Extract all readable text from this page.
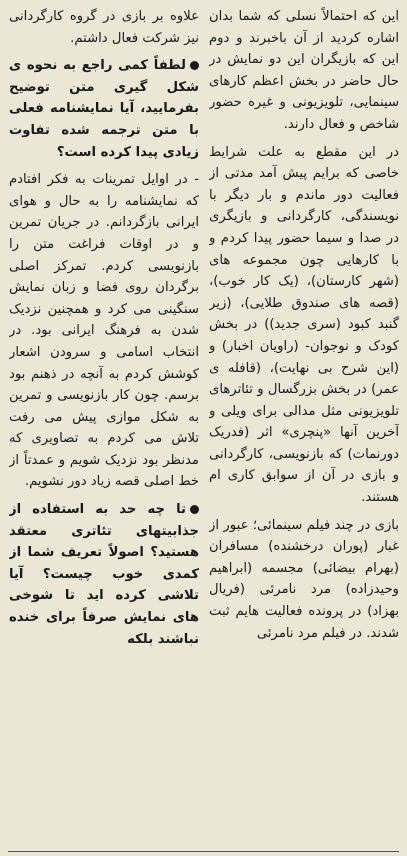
این که احتمالاً نسلی که شما بدان اشاره کردید از آن باخبرند و دوم این که بازیگران این دو نمایش در حال حاضر در بخش اعظم کارهای سینمایی، تلویزیونی و غیره حضور شاخص و فعال دارند.

در این مقطع به علت شرایط خاصی که برایم پیش آمد مدتی از فعالیت دور ماندم و بار دیگر با نویسندگی، کارگردانی و بازیگری در صدا و سیما حضور پیدا کردم و با کارهایی چون مجموعه های (شهر کارستان)، (یک کار خوب)، (قصه های صندوق طلایی)، (زیر گنبد کبود (سری جدید)) در بخش کودک و نوجوان- (راویان اخبار) و (این شرح بی نهایت)، (قافله ی عمر) در بخش بزرگسال و تئاترهای تلویزیونی مثل مدالی برای ویلی و آخرین آنها «پنچری» اثر (فدریک دورنمات) که بازنویسی، کارگردانی و بازی در آن از سوابق کاری ام هستند.

بازی در چند فیلم سینمائی؛ عبور از غبار (پوران درخشنده) مسافران (بهرام بیضائی) مجسمه (ابراهیم وحیدزاده) مرد نامرئی (فریال بهزاد) در پرونده فعالیت هایم ثبت شدند. در فیلم مرد نامرئی

علاوه بر بازی در گروه کارگردانی نیز شرکت فعال داشتم.

لطفاً کمی راجع به نحوه ی شکل گیری متن توضیح بفرمایید، آیا نمایشنامه فعلی با متن ترجمه شده تفاوت زیادی پیدا کرده است؟

- در اوایل تمرینات به فکر افتادم که نمایشنامه را به حال و هوای ایرانی بازگردانم. در جریان تمرین و در اوقات فراغت متن را بازنویسی کردم. تمرکز اصلی برگردان روی فضا و زبان نمایش سنگینی می کرد و همچنین نزدیک شدن به فرهنگ ایرانی بود. در انتخاب اسامی و سرودن اشعار کوشش کردم به آنچه در ذهنم بود برسم. چون کار بازنویسی و تمرین به شکل موازی پیش می رفت تلاش می کردم به تصاویری که مدنظر بود نزدیک شویم و عمدتاً از خط اصلی قصه زیاد دور نشویم.

تا چه حد به استفاده از جذابیتهای تئاتری معتقد هستید؟ اصولاً تعریف شما از کمدی خوب چیست؟ آیا تلاشی کرده اید تا شوخی های نمایش صرفاً برای خنده نباشند بلکه
